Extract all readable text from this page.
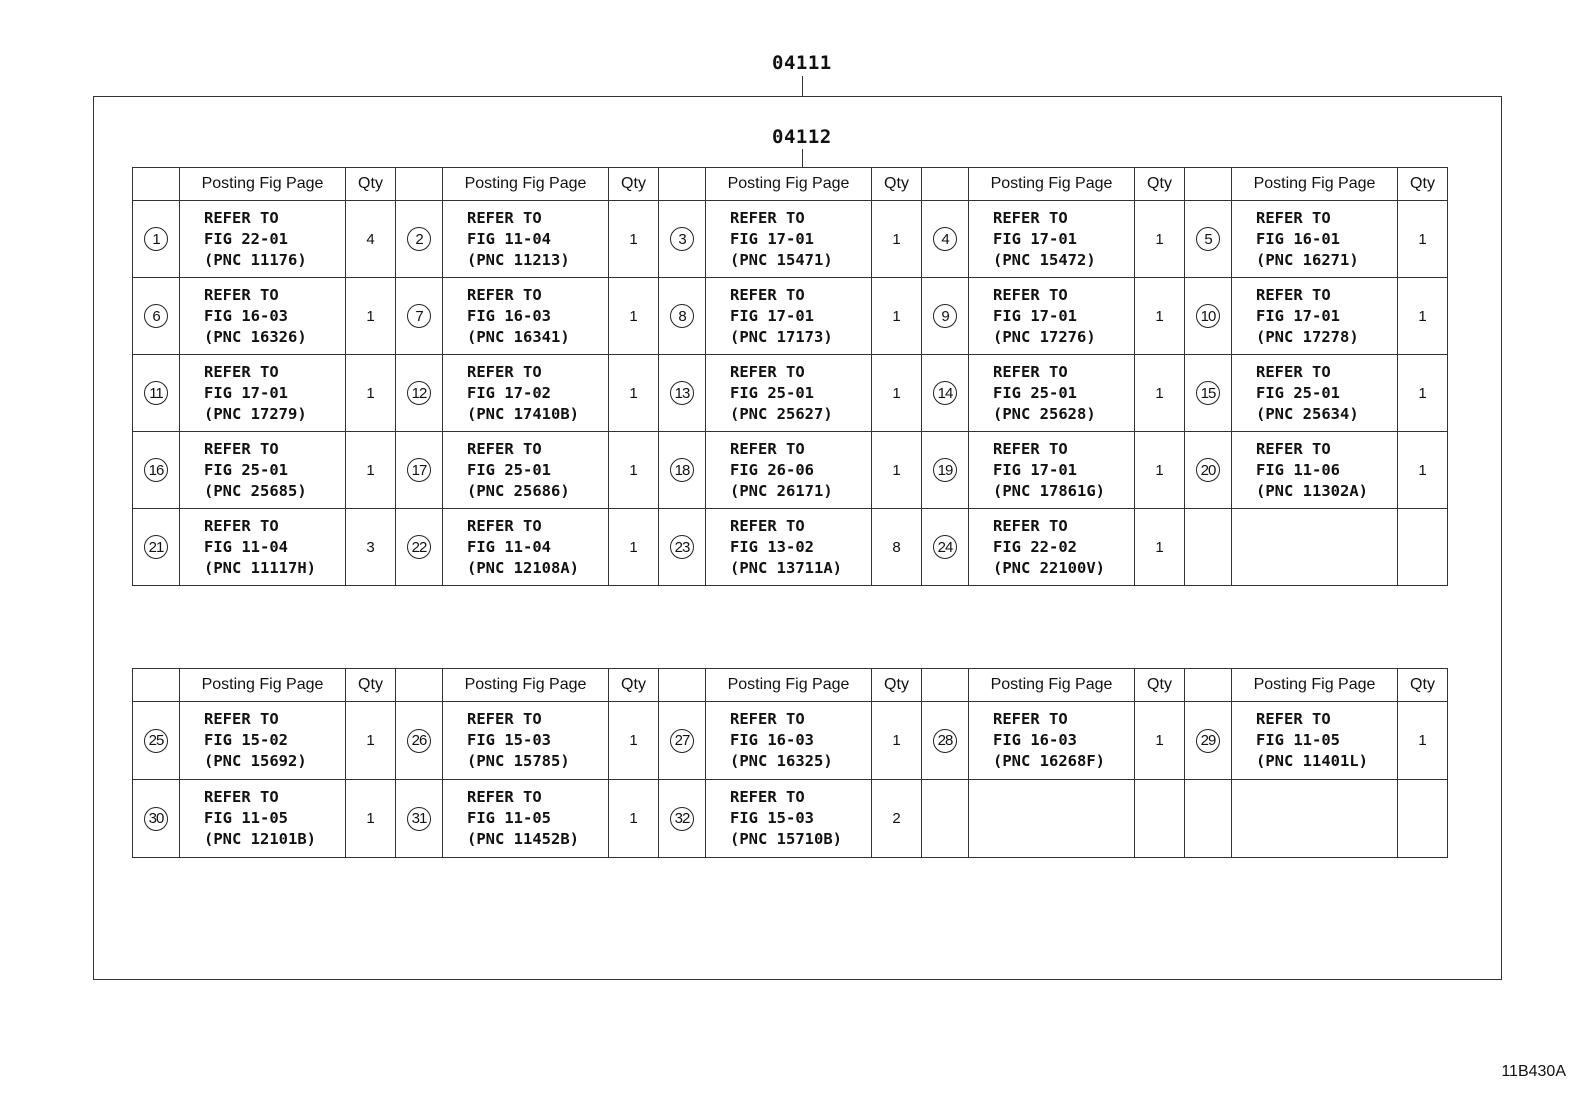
04111
04112
	Posting Fig Page	Qty		Posting Fig Page	Qty		Posting Fig Page	Qty		Posting Fig Page	Qty		Posting Fig Page	Qty
1	REFER TO
FIG 22-01
(PNC 11176)	4	2	REFER TO
FIG 11-04
(PNC 11213)	1	3	REFER TO
FIG 17-01
(PNC 15471)	1	4	REFER TO
FIG 17-01
(PNC 15472)	1	5	REFER TO
FIG 16-01
(PNC 16271)	1
6	REFER TO
FIG 16-03
(PNC 16326)	1	7	REFER TO
FIG 16-03
(PNC 16341)	1	8	REFER TO
FIG 17-01
(PNC 17173)	1	9	REFER TO
FIG 17-01
(PNC 17276)	1	10	REFER TO
FIG 17-01
(PNC 17278)	1
11	REFER TO
FIG 17-01
(PNC 17279)	1	12	REFER TO
FIG 17-02
(PNC 17410B)	1	13	REFER TO
FIG 25-01
(PNC 25627)	1	14	REFER TO
FIG 25-01
(PNC 25628)	1	15	REFER TO
FIG 25-01
(PNC 25634)	1
16	REFER TO
FIG 25-01
(PNC 25685)	1	17	REFER TO
FIG 25-01
(PNC 25686)	1	18	REFER TO
FIG 26-06
(PNC 26171)	1	19	REFER TO
FIG 17-01
(PNC 17861G)	1	20	REFER TO
FIG 11-06
(PNC 11302A)	1
21	REFER TO
FIG 11-04
(PNC 11117H)	3	22	REFER TO
FIG 11-04
(PNC 12108A)	1	23	REFER TO
FIG 13-02
(PNC 13711A)	8	24	REFER TO
FIG 22-02
(PNC 22100V)	1			
	Posting Fig Page	Qty		Posting Fig Page	Qty		Posting Fig Page	Qty		Posting Fig Page	Qty		Posting Fig Page	Qty
25	REFER TO
FIG 15-02
(PNC 15692)	1	26	REFER TO
FIG 15-03
(PNC 15785)	1	27	REFER TO
FIG 16-03
(PNC 16325)	1	28	REFER TO
FIG 16-03
(PNC 16268F)	1	29	REFER TO
FIG 11-05
(PNC 11401L)	1
30	REFER TO
FIG 11-05
(PNC 12101B)	1	31	REFER TO
FIG 11-05
(PNC 11452B)	1	32	REFER TO
FIG 15-03
(PNC 15710B)	2						
11B430A
